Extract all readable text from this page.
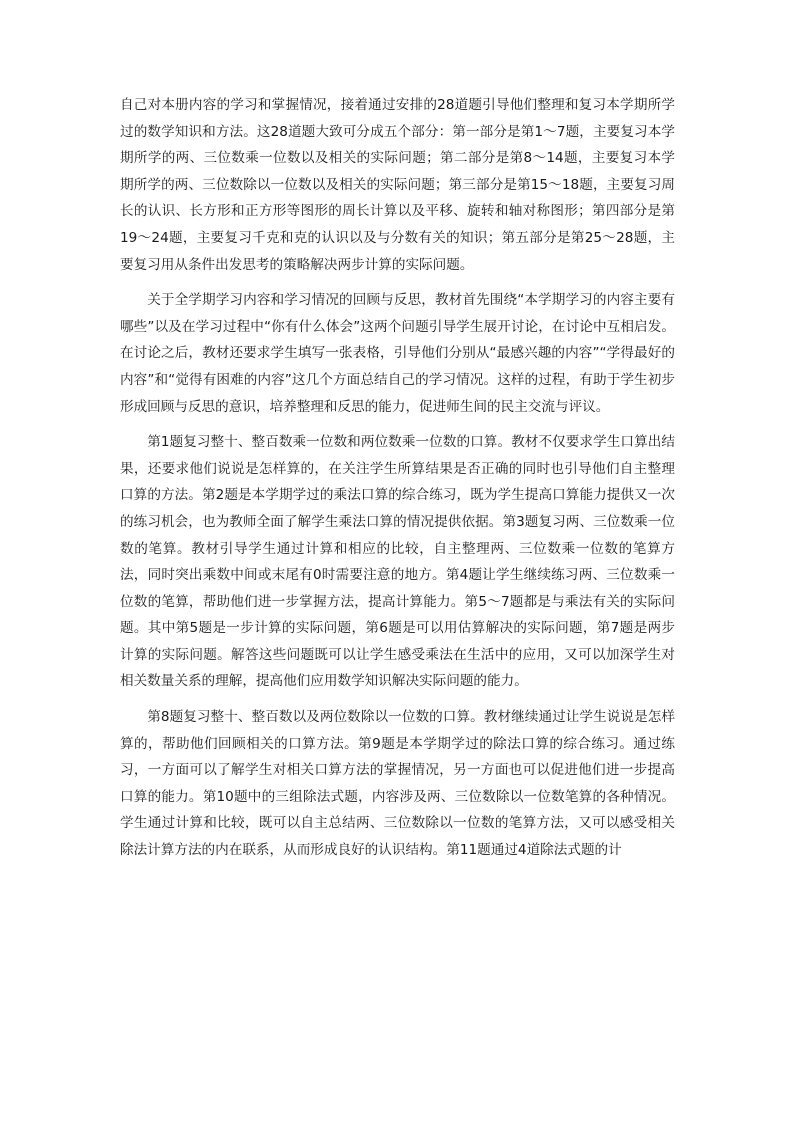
自己对本册内容的学习和掌握情况，接着通过安排的28道题引导他们整理和复习本学期所学过的数学知识和方法。这28道题大致可分成五个部分：第一部分是第1～7题，主要复习本学期所学的两、三位数乘一位数以及相关的实际问题；第二部分是第8～14题，主要复习本学期所学的两、三位数除以一位数以及相关的实际问题；第三部分是第15～18题，主要复习周长的认识、长方形和正方形等图形的周长计算以及平移、旋转和轴对称图形；第四部分是第19～24题，主要复习千克和克的认识以及与分数有关的知识；第五部分是第25～28题，主要复习用从条件出发思考的策略解决两步计算的实际问题。

关于全学期学习内容和学习情况的回顾与反思，教材首先围绕“本学期学习的内容主要有哪些”以及在学习过程中“你有什么体会”这两个问题引导学生展开讨论，在讨论中互相启发。在讨论之后，教材还要求学生填写一张表格，引导他们分别从“最感兴趣的内容”“学得最好的内容”和“觉得有困难的内容”这几个方面总结自己的学习情况。这样的过程，有助于学生初步形成回顾与反思的意识，培养整理和反思的能力，促进师生间的民主交流与评议。

第1题复习整十、整百数乘一位数和两位数乘一位数的口算。教材不仅要求学生口算出结果，还要求他们说说是怎样算的，在关注学生所算结果是否正确的同时也引导他们自主整理口算的方法。第2题是本学期学过的乘法口算的综合练习，既为学生提高口算能力提供又一次的练习机会，也为教师全面了解学生乘法口算的情况提供依据。第3题复习两、三位数乘一位数的笔算。教材引导学生通过计算和相应的比较，自主整理两、三位数乘一位数的笔算方法，同时突出乘数中间或末尾有0时需要注意的地方。第4题让学生继续练习两、三位数乘一位数的笔算，帮助他们进一步掌握方法，提高计算能力。第5～7题都是与乘法有关的实际问题。其中第5题是一步计算的实际问题，第6题是可以用估算解决的实际问题，第7题是两步计算的实际问题。解答这些问题既可以让学生感受乘法在生活中的应用，又可以加深学生对相关数量关系的理解，提高他们应用数学知识解决实际问题的能力。

第8题复习整十、整百数以及两位数除以一位数的口算。教材继续通过让学生说说是怎样算的，帮助他们回顾相关的口算方法。第9题是本学期学过的除法口算的综合练习。通过练习，一方面可以了解学生对相关口算方法的掌握情况，另一方面也可以促进他们进一步提高口算的能力。第10题中的三组除法式题，内容涉及两、三位数除以一位数笔算的各种情况。学生通过计算和比较，既可以自主总结两、三位数除以一位数的笔算方法，又可以感受相关除法计算方法的内在联系，从而形成良好的认识结构。第11题通过4道除法式题的计
